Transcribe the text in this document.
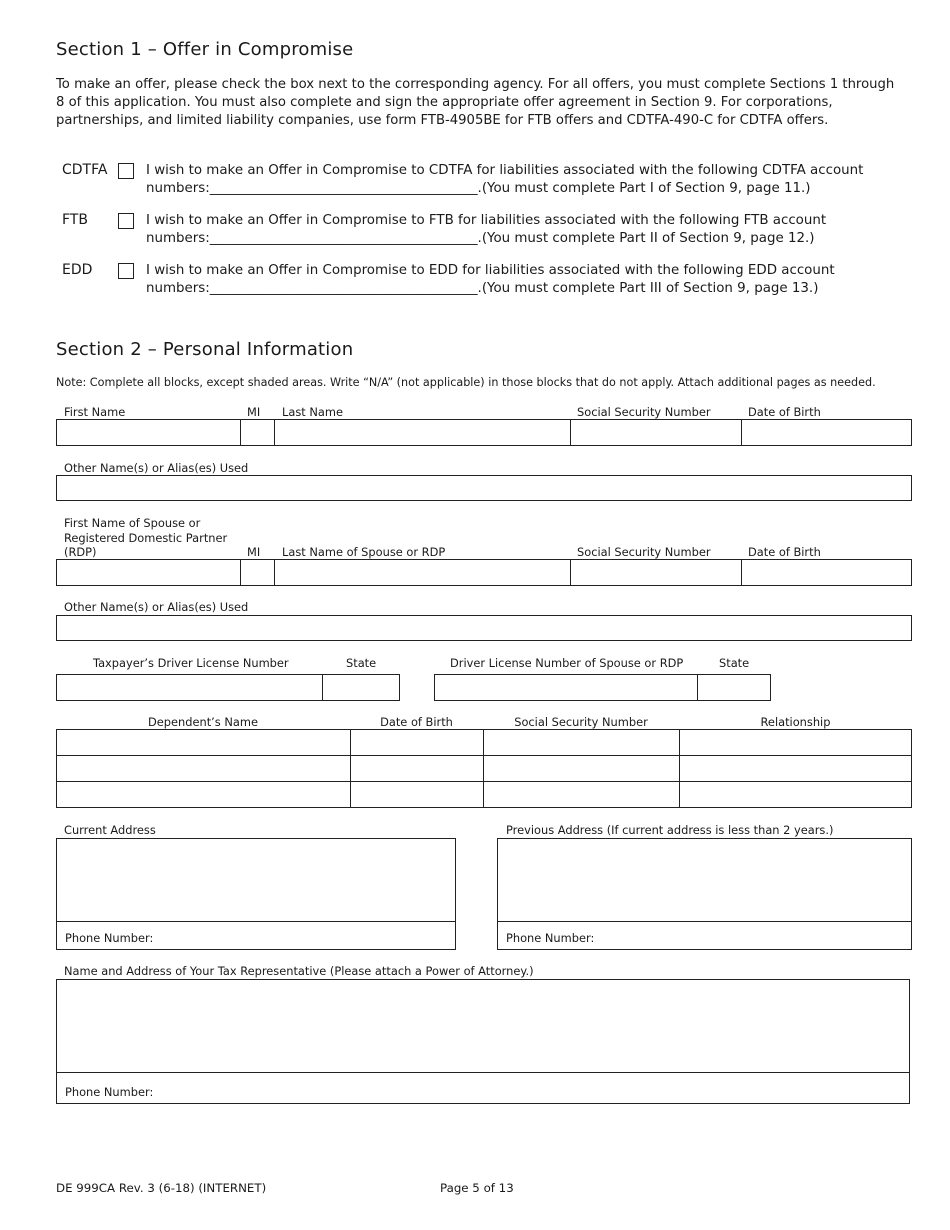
Section 1 – Offer in Compromise
To make an offer, please check the box next to the corresponding agency. For all offers, you must complete Sections 1 through 8 of this application. You must also complete and sign the appropriate offer agreement in Section 9. For corporations, partnerships, and limited liability companies, use form FTB-4905BE for FTB offers and CDTFA-490-C for CDTFA offers.
CDTFA	I wish to make an Offer in Compromise to CDTFA for liabilities associated with the following CDTFA account
numbers:________________________________________.(You must complete Part I of Section 9, page 11.)
FTB	I wish to make an Offer in Compromise to FTB for liabilities associated with the following FTB account
numbers:________________________________________.(You must complete Part II of Section 9, page 12.)
EDD	I wish to make an Offer in Compromise to EDD for liabilities associated with the following EDD account
numbers:________________________________________.(You must complete Part III of Section 9, page 13.)
Section 2 – Personal Information
Note: Complete all blocks, except shaded areas. Write “N/A” (not applicable) in those blocks that do not apply. Attach additional pages as needed.
First Name	MI Last Name	Social Security Number	Date of Birth
Other Name(s) or Alias(es) Used
First Name of Spouse or
Registered Domestic Partner
(RDP)	MI Last Name of Spouse or RDP	Social Security Number	Date of Birth
Other Name(s) or Alias(es) Used
Taxpayer’s Driver License Number	State	Driver License Number of Spouse or RDP	State
Dependent’s Name	Date of Birth	Social Security Number	Relationship
Current Address	Previous Address (If current address is less than 2 years.)
Phone Number:	Phone Number:
Name and Address of Your Tax Representative (Please attach a Power of Attorney.)
Phone Number:
DE 999CA Rev. 3 (6-18) (INTERNET)	Page 5 of 13
